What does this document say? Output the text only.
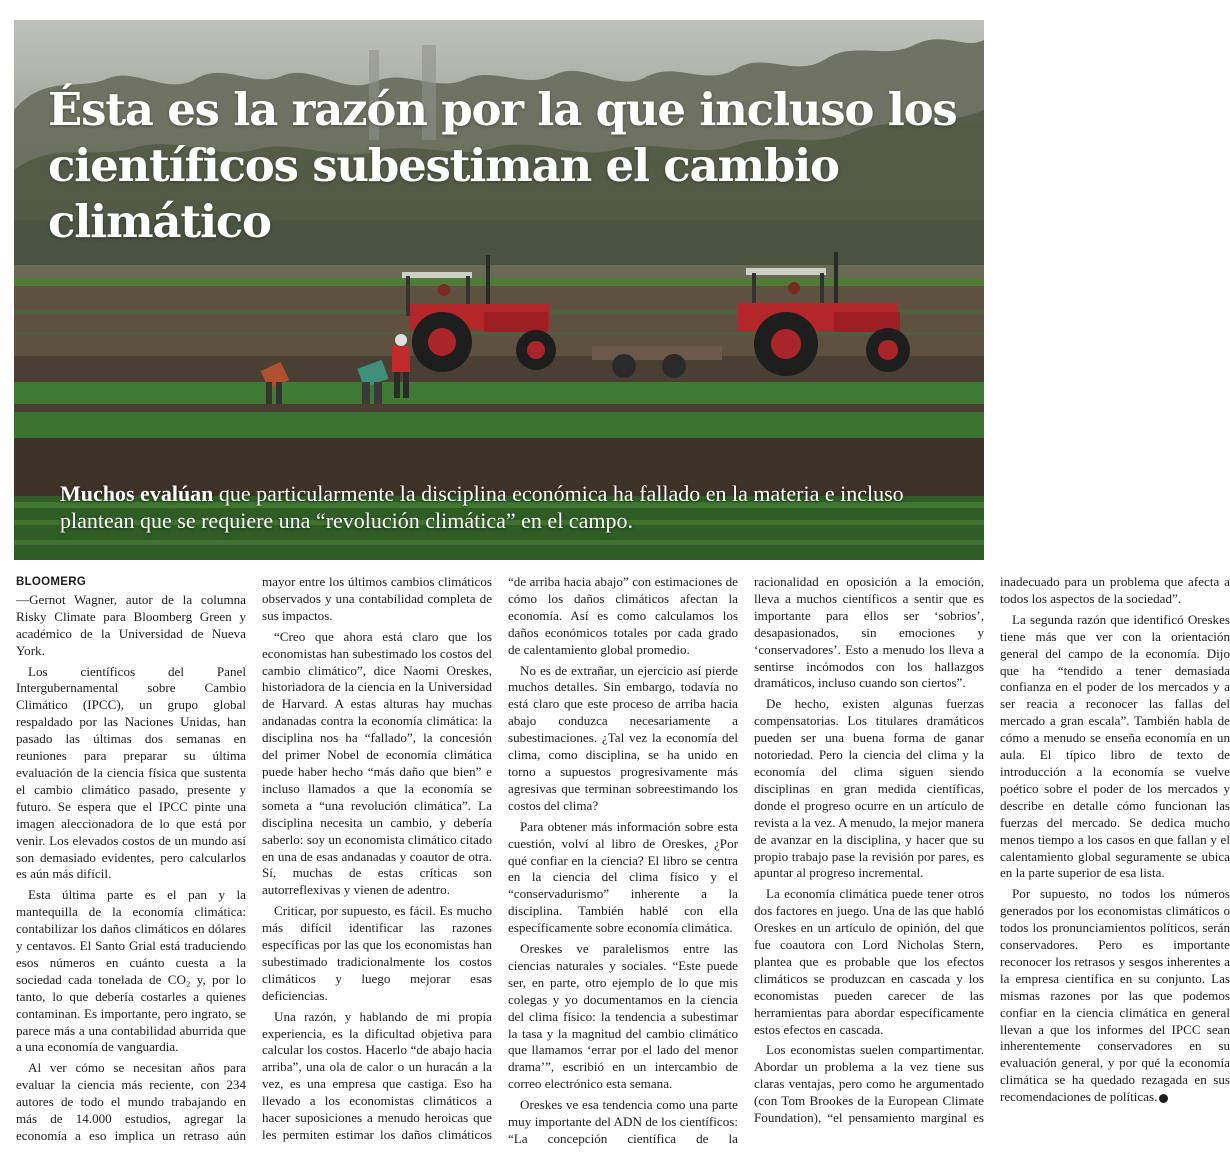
Ésta es la razón por la que incluso los científicos subestiman el cambio climático

Muchos evalúan que particularmente la disciplina económica ha fallado en la materia e incluso plantean que se requiere una “revolución climática” en el campo.

BLOOMERG

—Gernot Wagner, autor de la columna Risky Climate para Bloomberg Green y académico de la Universidad de Nueva York.

Los científicos del Panel Intergubernamental sobre Cambio Climático (IPCC), un grupo global respaldado por las Naciones Unidas, han pasado las últimas dos semanas en reuniones para preparar su última evaluación de la ciencia física que sustenta el cambio climático pasado, presente y futuro. Se espera que el IPCC pinte una imagen aleccionadora de lo que está por venir. Los elevados costos de un mundo así son demasiado evidentes, pero calcularlos es aún más difícil.

Esta última parte es el pan y la mantequilla de la economía climática: contabilizar los daños climáticos en dólares y centavos. El Santo Grial está traduciendo esos números en cuánto cuesta a la sociedad cada tonelada de CO₂ y, por lo tanto, lo que debería costarles a quienes contaminan. Es importante, pero ingrato, se parece más a una contabilidad aburrida que a una economía de vanguardia.

Al ver cómo se necesitan años para evaluar la ciencia más reciente, con 234 autores de todo el mundo trabajando en más de 14.000 estudios, agregar la economía a eso implica un retraso aún mayor entre los últimos cambios climáticos observados y una contabilidad completa de sus impactos.

“Creo que ahora está claro que los economistas han subestimado los costos del cambio climático”, dice Naomi Oreskes, historiadora de la ciencia en la Universidad de Harvard. A estas alturas hay muchas andanadas contra la economía climática: la disciplina nos ha “fallado”, la concesión del primer Nobel de economía climática puede haber hecho “más daño que bien” e incluso llamados a que la economía se someta a “una revolución climática”. La disciplina necesita un cambio, y debería saberlo: soy un economista climático citado en una de esas andanadas y coautor de otra. Sí, muchas de estas críticas son autorreflexivas y vienen de adentro.

Criticar, por supuesto, es fácil. Es mucho más difícil identificar las razones específicas por las que los economistas han subestimado tradicionalmente los costos climáticos y luego mejorar esas deficiencias.

Una razón, y hablando de mi propia experiencia, es la dificultad objetiva para calcular los costos. Hacerlo “de abajo hacia arriba”, una ola de calor o un huracán a la vez, es una empresa que castiga. Eso ha llevado a los economistas climáticos a hacer suposiciones a menudo heroicas que les permiten estimar los daños climáticos “de arriba hacia abajo” con estimaciones de cómo los daños climáticos afectan la economía. Así es como calculamos los daños económicos totales por cada grado de calentamiento global promedio.

No es de extrañar, un ejercicio así pierde muchos detalles. Sin embargo, todavía no está claro que este proceso de arriba hacia abajo conduzca necesariamente a subestimaciones. ¿Tal vez la economía del clima, como disciplina, se ha unido en torno a supuestos progresivamente más agresivas que terminan sobreestimando los costos del clima?

Para obtener más información sobre esta cuestión, volví al libro de Oreskes, ¿Por qué confiar en la ciencia? El libro se centra en la ciencia del clima físico y el “conservadurismo” inherente a la disciplina. También hablé con ella específicamente sobre economía climática.

Oreskes ve paralelismos entre las ciencias naturales y sociales. “Este puede ser, en parte, otro ejemplo de lo que mis colegas y yo documentamos en la ciencia del clima físico: la tendencia a subestimar la tasa y la magnitud del cambio climático que llamamos ‘errar por el lado del menor drama’”, escribió en un intercambio de correo electrónico esta semana.

Oreskes ve esa tendencia como una parte muy importante del ADN de los científicos: “La concepción científica de la racionalidad en oposición a la emoción, lleva a muchos científicos a sentir que es importante para ellos ser ‘sobrios’, desapasionados, sin emociones y ‘conservadores’. Esto a menudo los lleva a sentirse incómodos con los hallazgos dramáticos, incluso cuando son ciertos”.

De hecho, existen algunas fuerzas compensatorias. Los titulares dramáticos pueden ser una buena forma de ganar notoriedad. Pero la ciencia del clima y la economía del clima siguen siendo disciplinas en gran medida científicas, donde el progreso ocurre en un artículo de revista a la vez. A menudo, la mejor manera de avanzar en la disciplina, y hacer que su propio trabajo pase la revisión por pares, es apuntar al progreso incremental.

La economía climática puede tener otros dos factores en juego. Una de las que habló Oreskes en un artículo de opinión, del que fue coautora con Lord Nicholas Stern, plantea que es probable que los efectos climáticos se produzcan en cascada y los economistas pueden carecer de las herramientas para abordar específicamente estos efectos en cascada.

Los economistas suelen compartimentar. Abordar un problema a la vez tiene sus claras ventajas, pero como he argumentado (con Tom Brookes de la European Climate Foundation), “el pensamiento marginal es inadecuado para un problema que afecta a todos los aspectos de la sociedad”.

La segunda razón que identificó Oreskes tiene más que ver con la orientación general del campo de la economía. Dijo que ha “tendido a tener demasiada confianza en el poder de los mercados y a ser reacia a reconocer las fallas del mercado a gran escala”. También habla de cómo a menudo se enseña economía en un aula. El típico libro de texto de introducción a la economía se vuelve poético sobre el poder de los mercados y describe en detalle cómo funcionan las fuerzas del mercado. Se dedica mucho menos tiempo a los casos en que fallan y el calentamiento global seguramente se ubica en la parte superior de esa lista.

Por supuesto, no todos los números generados por los economistas climáticos o todos los pronunciamientos políticos, serán conservadores. Pero es importante reconocer los retrasos y sesgos inherentes a la empresa científica en su conjunto. Las mismas razones por las que podemos confiar en la ciencia climática en general llevan a que los informes del IPCC sean inherentemente conservadores en su evaluación general, y por qué la economía climática se ha quedado rezagada en sus recomendaciones de políticas.
